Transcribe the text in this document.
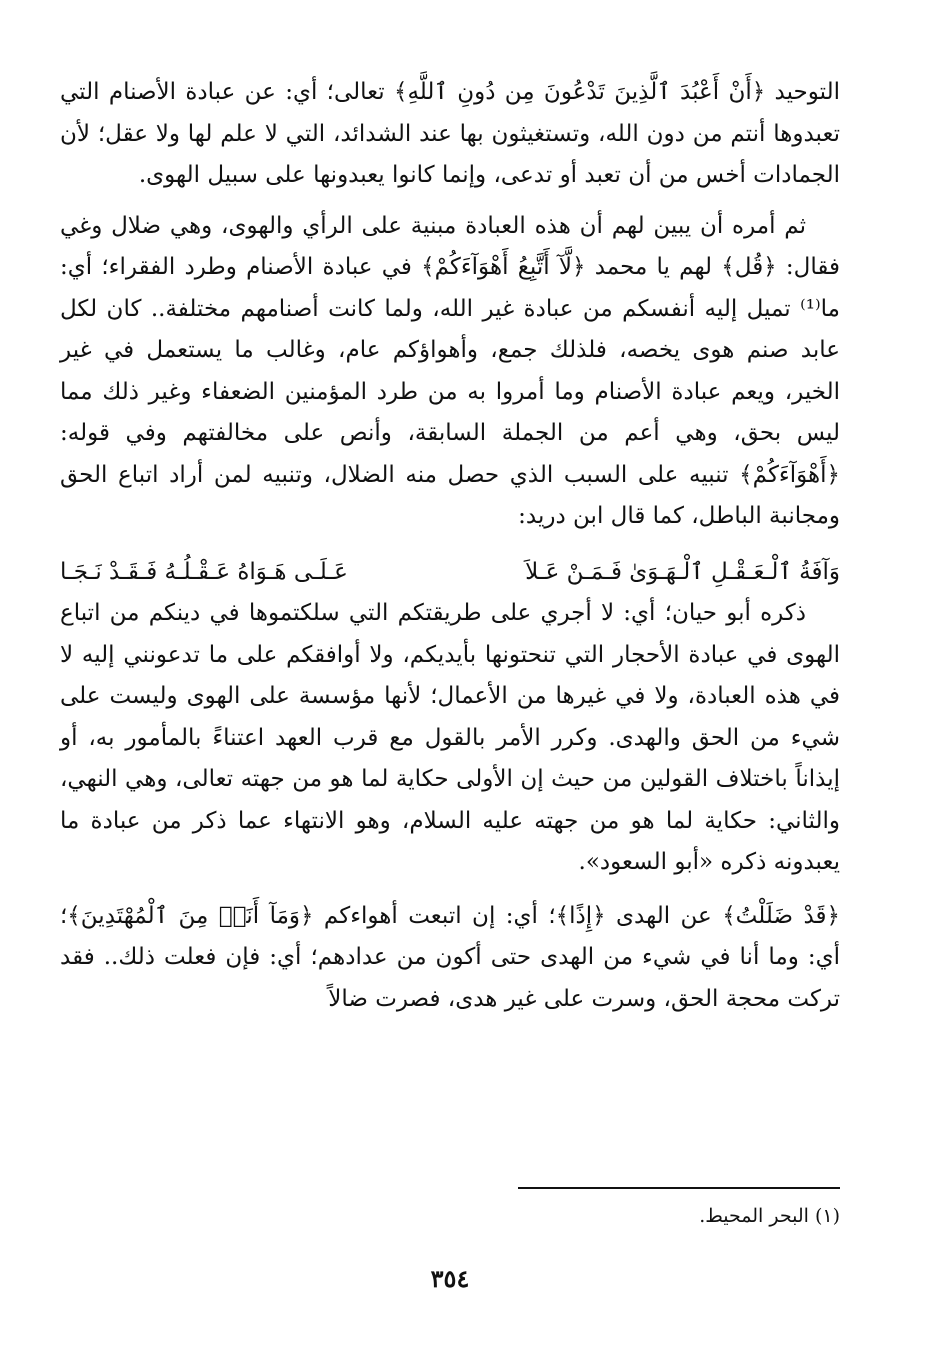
التوحيد ﴿أَنْ أَعْبُدَ ٱلَّذِينَ تَدْعُونَ مِن دُونِ ٱللَّهِ﴾ تعالى؛ أي: عن عبادة الأصنام التي تعبدوها أنتم من دون الله، وتستغيثون بها عند الشدائد، التي لا علم لها ولا عقل؛ لأن الجمادات أخس من أن تعبد أو تدعى، وإنما كانوا يعبدونها على سبيل الهوى.

ثم أمره أن يبين لهم أن هذه العبادة مبنية على الرأي والهوى، وهي ضلال وغي فقال: ﴿قُل﴾ لهم يا محمد ﴿لَّآ أَتَّبِعُ أَهْوَآءَكُمْ﴾ في عبادة الأصنام وطرد الفقراء؛ أي: ما⁽¹⁾ تميل إليه أنفسكم من عبادة غير الله، ولما كانت أصنامهم مختلفة.. كان لكل عابد صنم هوى يخصه، فلذلك جمع، وأهواؤكم عام، وغالب ما يستعمل في غير الخير، ويعم عبادة الأصنام وما أمروا به من طرد المؤمنين الضعفاء وغير ذلك مما ليس بحق، وهي أعم من الجملة السابقة، وأنص على مخالفتهم وفي قوله: ﴿أَهْوَآءَكُمْ﴾ تنبيه على السبب الذي حصل منه الضلال، وتنبيه لمن أراد اتباع الحق ومجانبة الباطل، كما قال ابن دريد:

وَآفَةُ ٱلْـعَـقْـلِ ٱلْـهَـوَىٰ فَـمَـنْ عَـلاَ
عَـلَـى هَـوَاهُ عَـقْـلُـهُ فَـقَـدْ نَـجَـا

ذكره أبو حيان؛ أي: لا أجري على طريقتكم التي سلكتموها في دينكم من اتباع الهوى في عبادة الأحجار التي تنحتونها بأيديكم، ولا أوافقكم على ما تدعونني إليه لا في هذه العبادة، ولا في غيرها من الأعمال؛ لأنها مؤسسة على الهوى وليست على شيء من الحق والهدى. وكرر الأمر بالقول مع قرب العهد اعتناءً بالمأمور به، أو إيذاناً باختلاف القولين من حيث إن الأولى حكاية لما هو من جهته تعالى، وهي النهي، والثاني: حكاية لما هو من جهته عليه السلام، وهو الانتهاء عما ذكر من عبادة ما يعبدونه ذكره «أبو السعود».

﴿قَدْ ضَلَلْتُ﴾ عن الهدى ﴿إِذًا﴾؛ أي: إن اتبعت أهواءكم ﴿وَمَآ أَنَا۠ مِنَ ٱلْمُهْتَدِينَ﴾؛ أي: وما أنا في شيء من الهدى حتى أكون من عدادهم؛ أي: فإن فعلت ذلك.. فقد تركت محجة الحق، وسرت على غير هدى، فصرت ضالاً

(١) البحر المحيط.
٣٥٤
